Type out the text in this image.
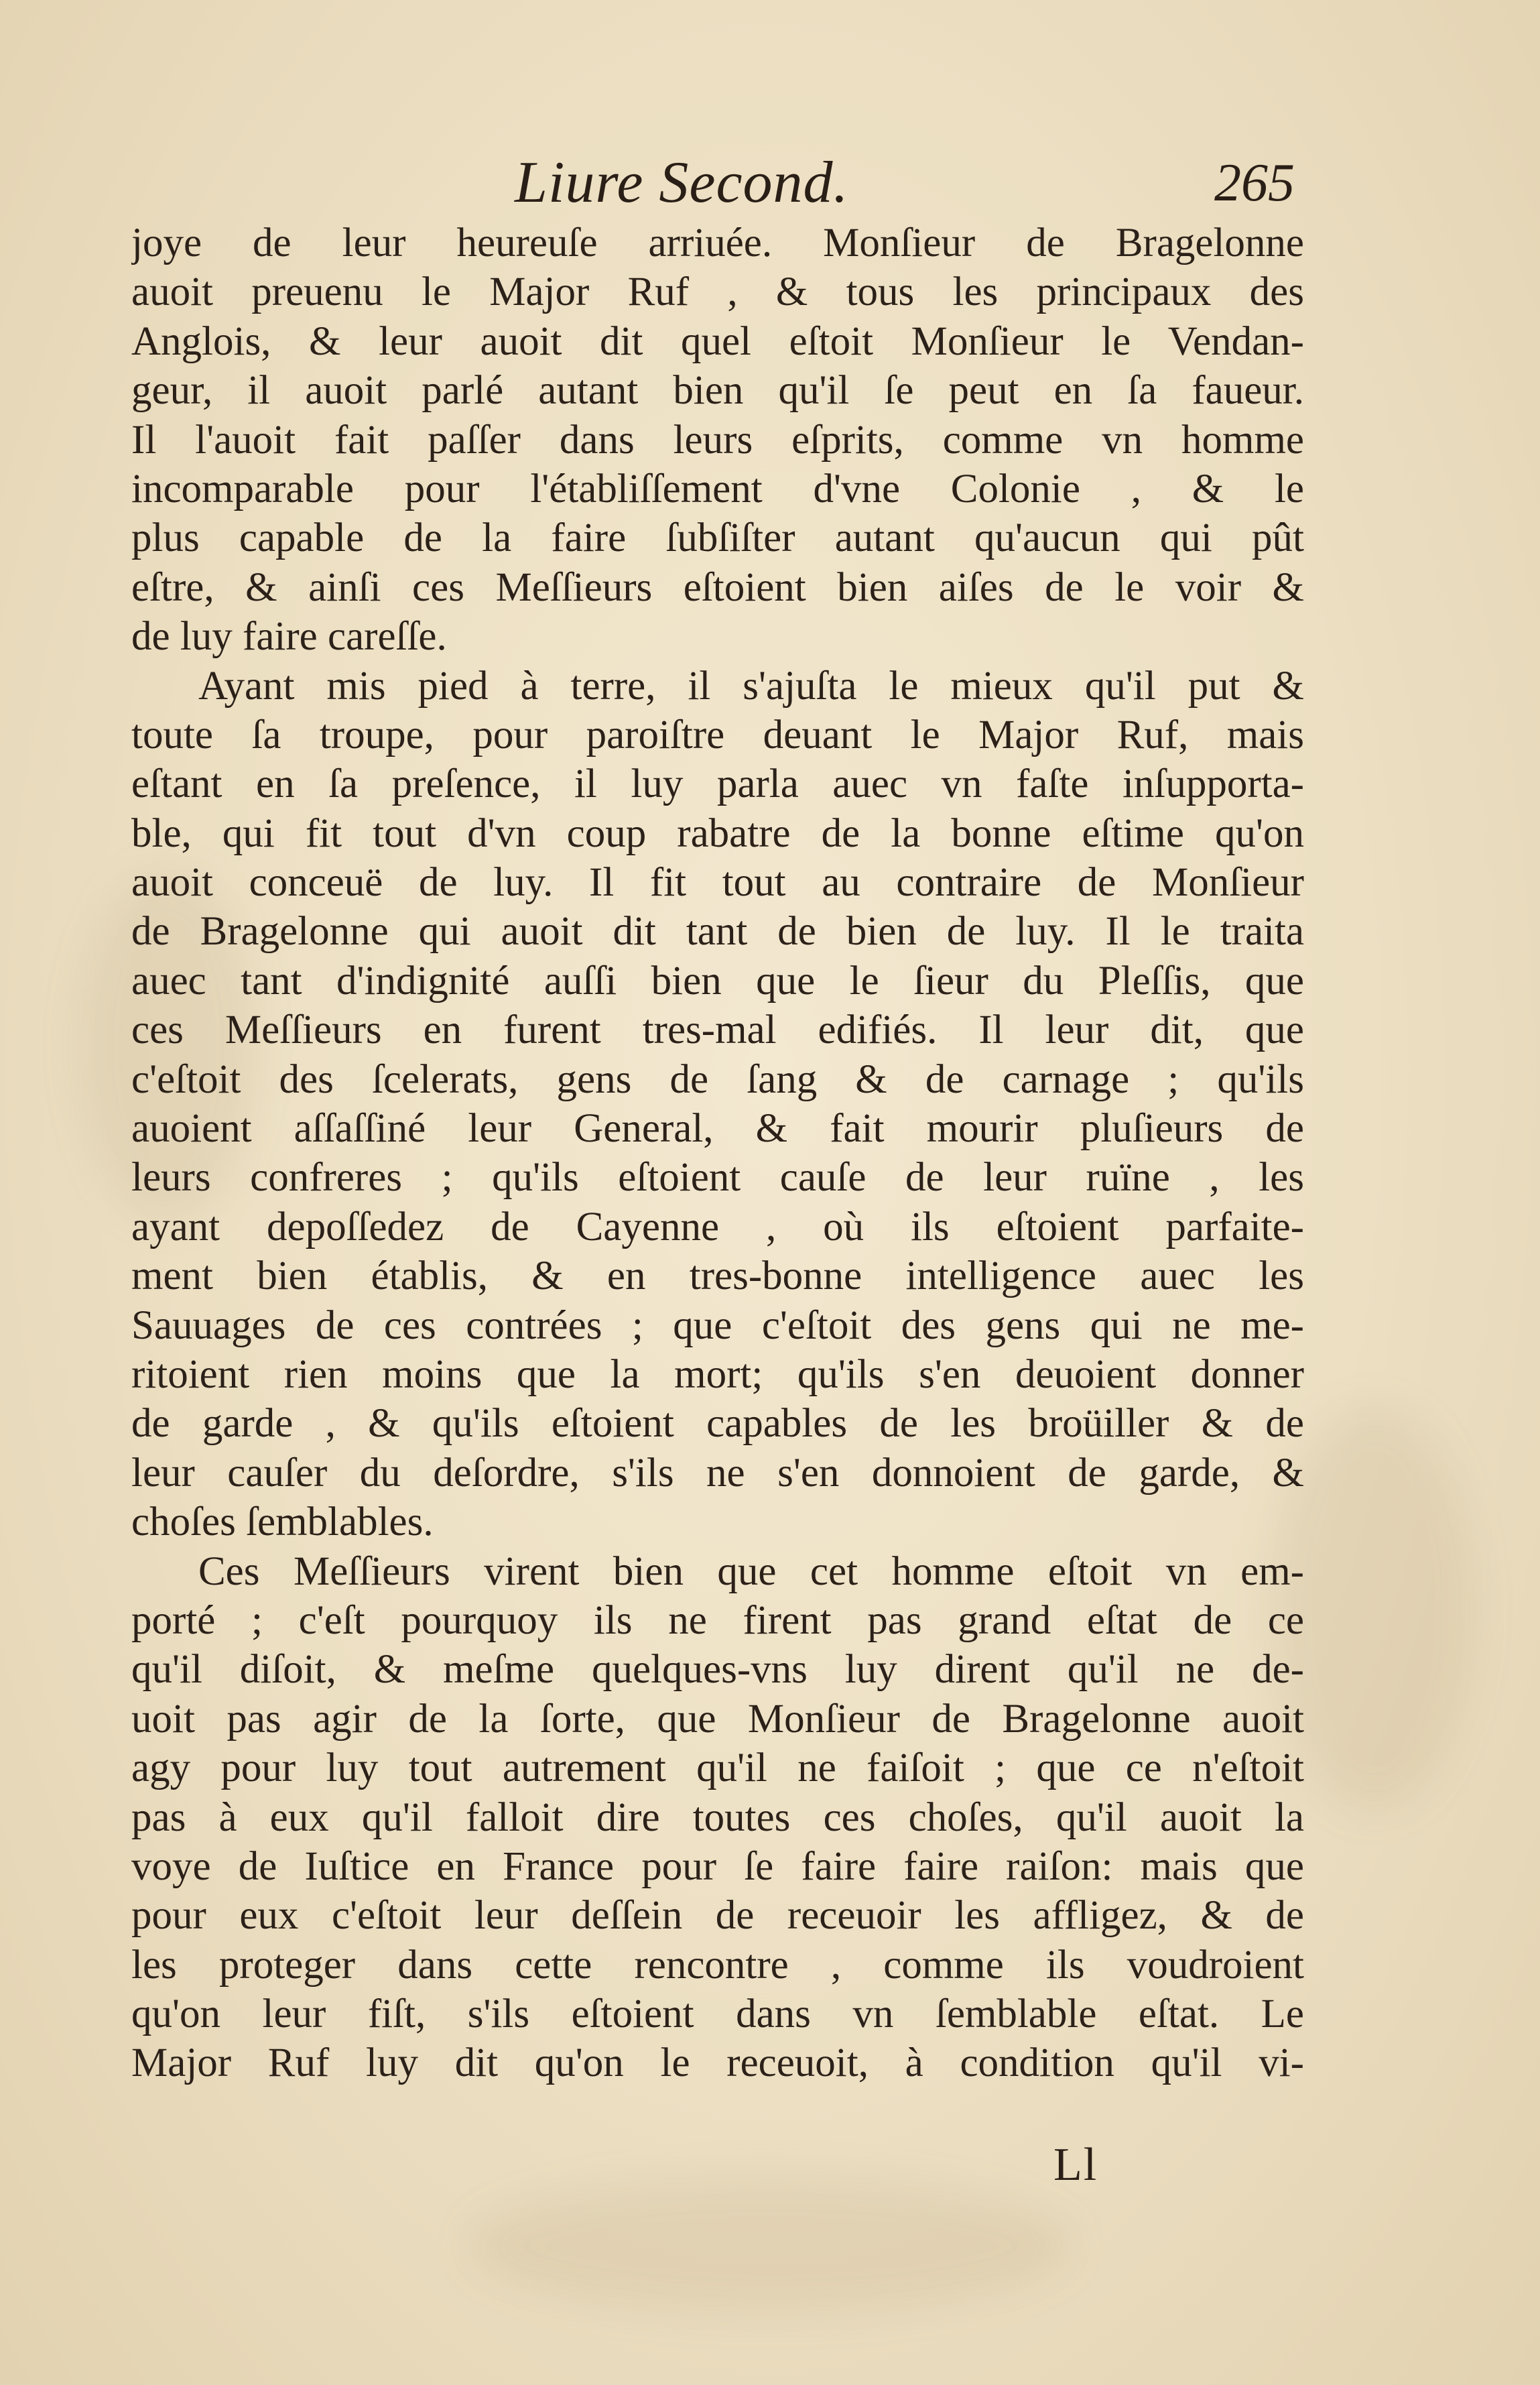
Liure Second.	265
joye de leur heureuſe arriuée. Monſieur de Bragelonne
auoit preuenu le Major Ruf , & tous les principaux des
Anglois, & leur auoit dit quel eſtoit Monſieur le Vendan-
geur, il auoit parlé autant bien qu'il ſe peut en ſa faueur.
Il l'auoit fait paſſer dans leurs eſprits, comme vn homme
incomparable pour l'établiſſement d'vne Colonie , & le
plus capable de la faire ſubſiſter autant qu'aucun qui pût
eſtre, & ainſi ces Meſſieurs eſtoient bien aiſes de le voir &
de luy faire careſſe.
Ayant mis pied à terre, il s'ajuſta le mieux qu'il put &
toute ſa troupe, pour paroiſtre deuant le Major Ruf, mais
eſtant en ſa preſence, il luy parla auec vn faſte inſupporta-
ble, qui fit tout d'vn coup rabatre de la bonne eſtime qu'on
auoit conceuë de luy. Il fit tout au contraire de Monſieur
de Bragelonne qui auoit dit tant de bien de luy. Il le traita
auec tant d'indignité auſſi bien que le ſieur du Pleſſis, que
ces Meſſieurs en furent tres-mal edifiés. Il leur dit, que
c'eſtoit des ſcelerats, gens de ſang & de carnage ; qu'ils
auoient aſſaſſiné leur General, & fait mourir pluſieurs de
leurs confreres ; qu'ils eſtoient cauſe de leur ruïne , les
ayant depoſſedez de Cayenne , où ils eſtoient parfaite-
ment bien établis, & en tres-bonne intelligence auec les
Sauuages de ces contrées ; que c'eſtoit des gens qui ne me-
ritoient rien moins que la mort; qu'ils s'en deuoient donner
de garde , & qu'ils eſtoient capables de les broüiller & de
leur cauſer du deſordre, s'ils ne s'en donnoient de garde, &
choſes ſemblables.
Ces Meſſieurs virent bien que cet homme eſtoit vn em-
porté ; c'eſt pourquoy ils ne firent pas grand eſtat de ce
qu'il diſoit, & meſme quelques-vns luy dirent qu'il ne de-
uoit pas agir de la ſorte, que Monſieur de Bragelonne auoit
agy pour luy tout autrement qu'il ne faiſoit ; que ce n'eſtoit
pas à eux qu'il falloit dire toutes ces choſes, qu'il auoit la
voye de Iuſtice en France pour ſe faire faire raiſon: mais que
pour eux c'eſtoit leur deſſein de receuoir les affligez, & de
les proteger dans cette rencontre , comme ils voudroient
qu'on leur fiſt, s'ils eſtoient dans vn ſemblable eſtat. Le
Major Ruf luy dit qu'on le receuoit, à condition qu'il vi-
Ll
